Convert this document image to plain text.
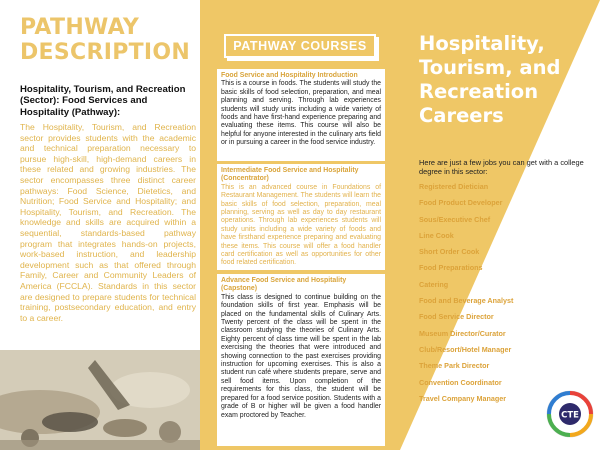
PATHWAY
DESCRIPTION

Hospitality, Tourism, and Recreation (Sector): Food Services and Hospitality (Pathway):

The Hospitality, Tourism, and Recreation sector provides students with the academic and technical preparation necessary to pursue high-skill, high-demand careers in these related and growing industries. The sector encompasses three distinct career pathways: Food Science, Dietetics, and Nutrition; Food Service and Hospitality; and Hospitality, Tourism, and Recreation. The knowledge and skills are acquired within a sequential, standards-based pathway program that integrates hands-on projects, work-based instruction, and leadership development such as that offered through Family, Career and Community Leaders of America (FCCLA). Standards in this sector are designed to prepare students for technical training, postsecondary education, and entry to a career.

PATHWAY COURSES
Food Service and Hospitality Introduction
This is a course in foods. The students will study the basic skills of food selection, preparation, and meal planning and serving. Through lab experiences students will study units including a wide variety of foods and have first-hand experience preparing and evaluating these items. This course will also be helpful for anyone interested in the culinary arts field or in pursuing a career in the food service industry.
Intermediate Food Service and Hospitality (Concentrator)
This is an advanced course in Foundations of Restaurant Management. The students will learn the basic skills of food selection, preparation, meal planning, serving as well as day to day restaurant operations. Through lab experiences students will study units including a wide variety of foods and have firsthand experience preparing and evaluating these items. This course will offer a food handler card certification as well as opportunities for other food related certification.
Advance Food Service and Hospitality (Capstone)
This class is designed to continue building on the foundation skills of first year. Emphasis will be placed on the fundamental skills of Culinary Arts. Twenty percent of the class will be spent in the classroom studying the theories of Culinary Arts. Eighty percent of class time will be spent in the lab exercising the theories that were introduced and showing connection to the past exercises providing instruction for upcoming exercises. This is also a student run café where students prepare, serve and sell food items. Upon completion of the requirements for this class, the student will be prepared for a food service position. Students with a grade of B or higher will be given a food handler exam proctored by Teacher.
Hospitality, Tourism, and Recreation Careers

Here are just a few jobs you can get with a college degree in this sector:

Registered Dietician
Food Product Developer
Sous/Executive Chef
Line Cook
Short Order Cook
Food Preparations
Catering
Food and Beverage Analyst
Food Service Director
Museum Director/Curator
Club/Resort/Hotel Manager
Theme Park Director
Convention Coordinator
Travel Company Manager
CTE
